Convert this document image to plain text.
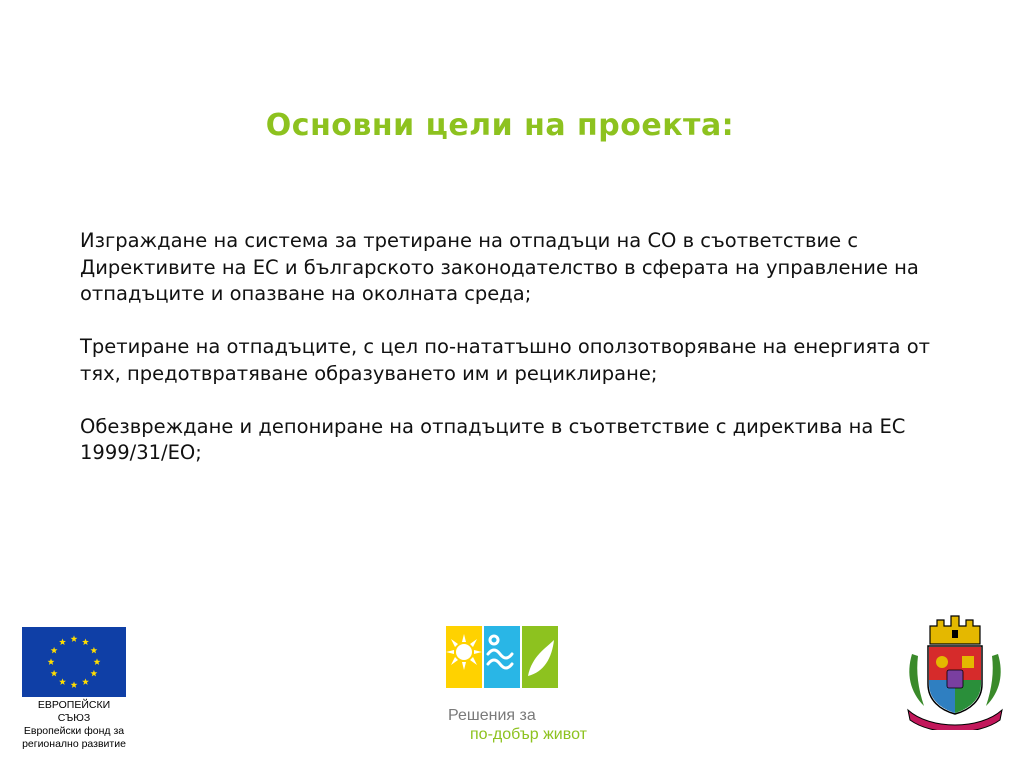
Основни цели на проекта:

Изграждане на система за третиране на отпадъци на СО в съответствие с Директивите на ЕС и българското законодателство в сферата на управление на отпадъците и опазване на околната среда;

Третиране на отпадъците, с цел по-нататъшно оползотворяване на енергията от тях, предотвратяване образуването им и рециклиране;

Обезвреждане и депониране на отпадъците в съответствие с директива на ЕС 1999/31/ЕО;

ЕВРОПЕЙСКИ
СЪЮЗ
Европейски фонд за
регионално развитие
Решения за
по-добър живот
